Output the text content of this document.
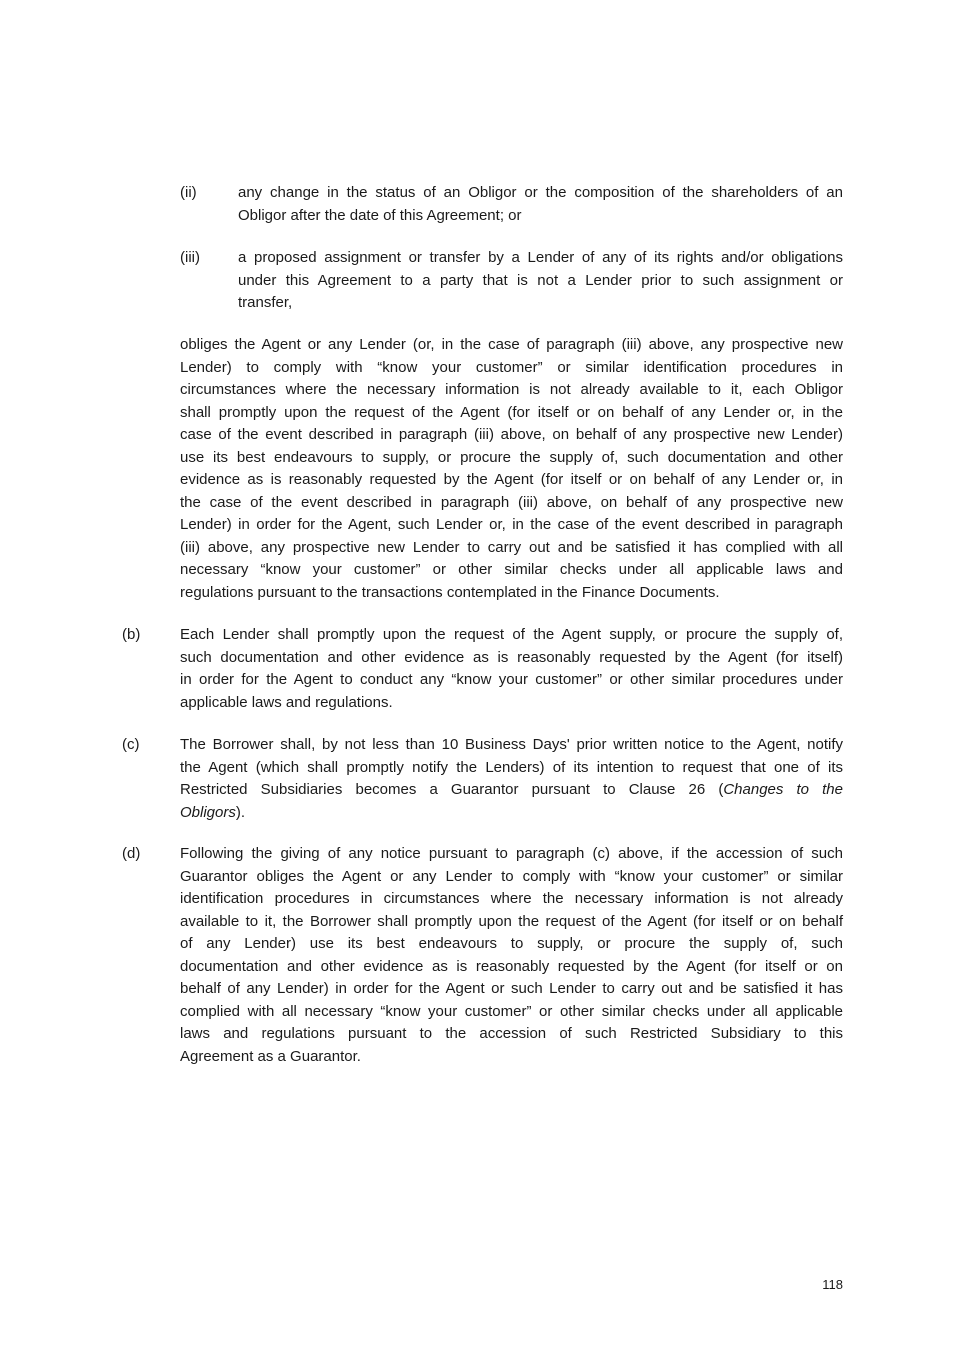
(ii)	any change in the status of an Obligor or the composition of the shareholders of an
Obligor after the date of this Agreement; or
(iii)	a proposed assignment or transfer by a Lender of any of its rights and/or obligations
under this Agreement to a party that is not a Lender prior to such assignment or
transfer,
obliges the Agent or any Lender (or, in the case of paragraph (iii) above, any prospective new
Lender) to comply with “know your customer” or similar identification procedures in
circumstances where the necessary information is not already available to it, each Obligor
shall promptly upon the request of the Agent (for itself or on behalf of any Lender or, in the
case of the event described in paragraph (iii) above, on behalf of any prospective new Lender)
use its best endeavours to supply, or procure the supply of, such documentation and other
evidence as is reasonably requested by the Agent (for itself or on behalf of any Lender or, in
the case of the event described in paragraph (iii) above, on behalf of any prospective new
Lender) in order for the Agent, such Lender or, in the case of the event described in paragraph
(iii) above, any prospective new Lender to carry out and be satisfied it has complied with all
necessary “know your customer” or other similar checks under all applicable laws and
regulations pursuant to the transactions contemplated in the Finance Documents.
(b)	Each Lender shall promptly upon the request of the Agent supply, or procure the supply of,
such documentation and other evidence as is reasonably requested by the Agent (for itself)
in order for the Agent to conduct any “know your customer” or other similar procedures under
applicable laws and regulations.
(c)	The Borrower shall, by not less than 10 Business Days' prior written notice to the Agent, notify
the Agent (which shall promptly notify the Lenders) of its intention to request that one of its
Restricted Subsidiaries becomes a Guarantor pursuant to Clause 26 (Changes to the
Obligors).
(d)	Following the giving of any notice pursuant to paragraph (c) above, if the accession of such
Guarantor obliges the Agent or any Lender to comply with “know your customer” or similar
identification procedures in circumstances where the necessary information is not already
available to it, the Borrower shall promptly upon the request of the Agent (for itself or on behalf
of any Lender) use its best endeavours to supply, or procure the supply of, such
documentation and other evidence as is reasonably requested by the Agent (for itself or on
behalf of any Lender) in order for the Agent or such Lender to carry out and be satisfied it has
complied with all necessary “know your customer” or other similar checks under all applicable
laws and regulations pursuant to the accession of such Restricted Subsidiary to this
Agreement as a Guarantor.
118
